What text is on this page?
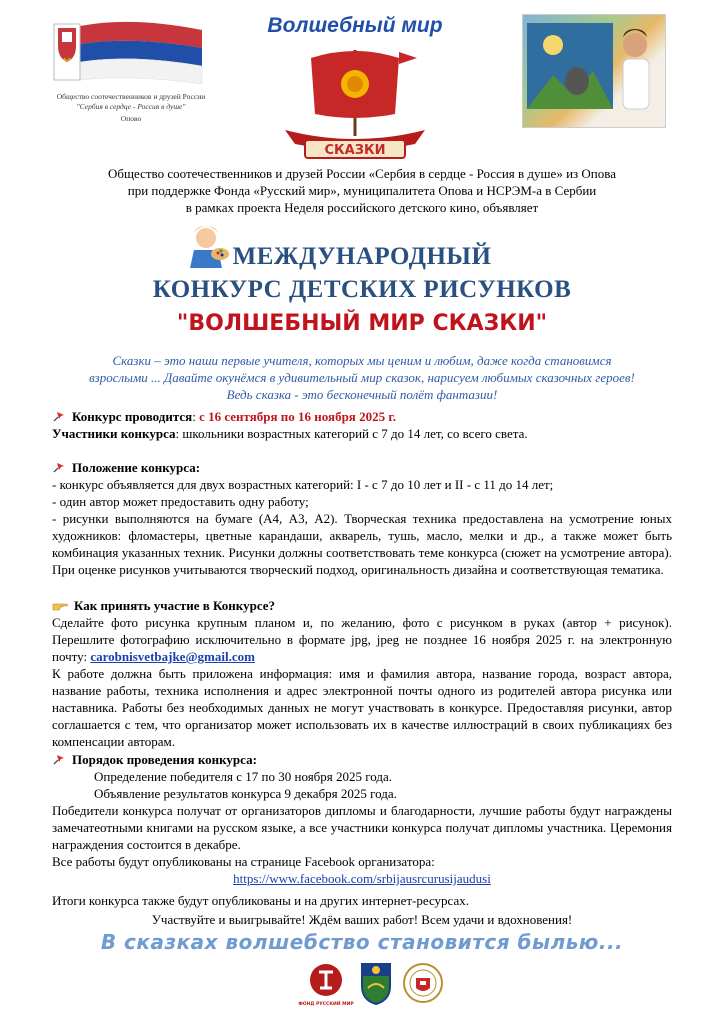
Общество соотечественников и друзей России
"Сербия в сердце - Россия в душе"
Опово
Волшебный мир
СКАЗКИ
Общество соотечественников и друзей России «Сербия в сердце - Россия в душе» из Опова
при поддержке Фонда «Русский мир», муниципалитета Опова и НСРЭМ-а в Сербии
в рамках проекта Неделя российского детского кино, объявляет
МЕЖДУНАРОДНЫЙ
КОНКУРС ДЕТСКИХ РИСУНКОВ
"ВОЛШЕБНЫЙ МИР СКАЗКИ"
Сказки – это наши первые учителя, которых мы ценим и любим, даже когда становимся
взрослыми ... Давайте окунёмся в удивительный мир сказок, нарисуем любимых сказочных героев!
Ведь сказка - это бесконечный полёт фантазии!
Конкурс проводится: с 16 сентября по 16 ноября 2025 г.
Участники конкурса: школьники возрастных категорий с 7 до 14 лет, со всего света.
Положение конкурса:
- конкурс объявляется для двух возрастных категорий: I - с 7 до 10 лет и II - с 11 до 14 лет;
- один автор может предоставить одну работу;
- рисунки выполняются на бумаге (А4, А3, А2). Творческая техника предоставлена на усмотрение юных художников: фломастеры, цветные карандаши, акварель, тушь, масло, мелки и др., а также может быть комбинация указанных техник. Рисунки должны соответствовать теме конкурса (сюжет на усмотрение автора). При оценке рисунков учитываются творческий подход, оригинальность дизайна и соответствующая тематика.
Как принять участие в Конкурсе?
Сделайте фото рисунка крупным планом и, по желанию, фото с рисунком в руках (автор + рисунок). Перешлите фотографию исключительно в формате jpg, jpeg не позднее 16 ноября 2025 г. на электронную почту: carobnisvetbajke@gmail.com
К работе должна быть приложена информация: имя и фамилия автора, название города, возраст автора, название работы, техника исполнения и адрес электронной почты одного из родителей автора рисунка или наставника. Работы без необходимых данных не могут участвовать в конкурсе. Предоставляя рисунки, автор соглашается с тем, что организатор может использовать их в качестве иллюстраций в своих публикациях без компенсации авторам.
Порядок проведения конкурса:
Определение победителя с 17 по 30 ноября 2025 года.
Объявление результатов конкурса 9 декабря 2025 года.
Победители конкурса получат от организаторов дипломы и благодарности, лучшие работы будут награждены замечатеотными книгами на русском языке, а все участники конкурса получат дипломы участника. Церемония награждения состоится в декабре.
Все работы будут опубликованы на странице Facebook организатора:
https://www.facebook.com/srbijausrcurusijaudusi
Итоги конкурса также будут опубликованы и на других интернет-ресурсах.
Участвуйте и выигрывайте! Ждём ваших работ! Всем удачи и вдохновения!
В сказках волшебство становится былью...
ФОНД РУССКИЙ МИР
